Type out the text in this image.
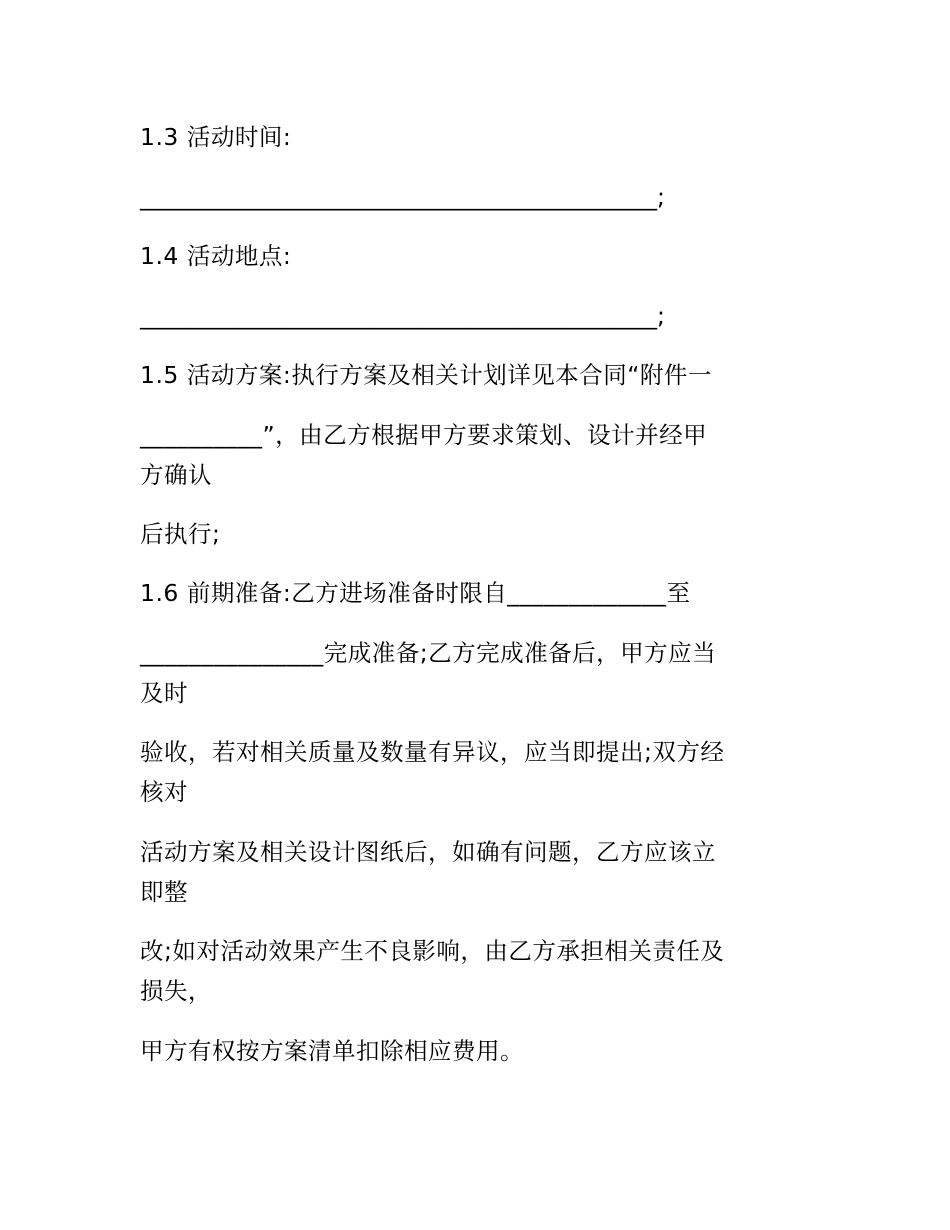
1.3 活动时间:
____________________________________________;
1.4 活动地点:
____________________________________________;
1.5 活动方案:执行方案及相关计划详见本合同“附件一
__________”，由乙方根据甲方要求策划、设计并经甲
方确认
后执行;
1.6 前期准备:乙方进场准备时限自_____________至
_______________完成准备;乙方完成准备后，甲方应当
及时
验收，若对相关质量及数量有异议，应当即提出;双方经
核对
活动方案及相关设计图纸后，如确有问题，乙方应该立
即整
改;如对活动效果产生不良影响，由乙方承担相关责任及
损失，
甲方有权按方案清单扣除相应费用。
